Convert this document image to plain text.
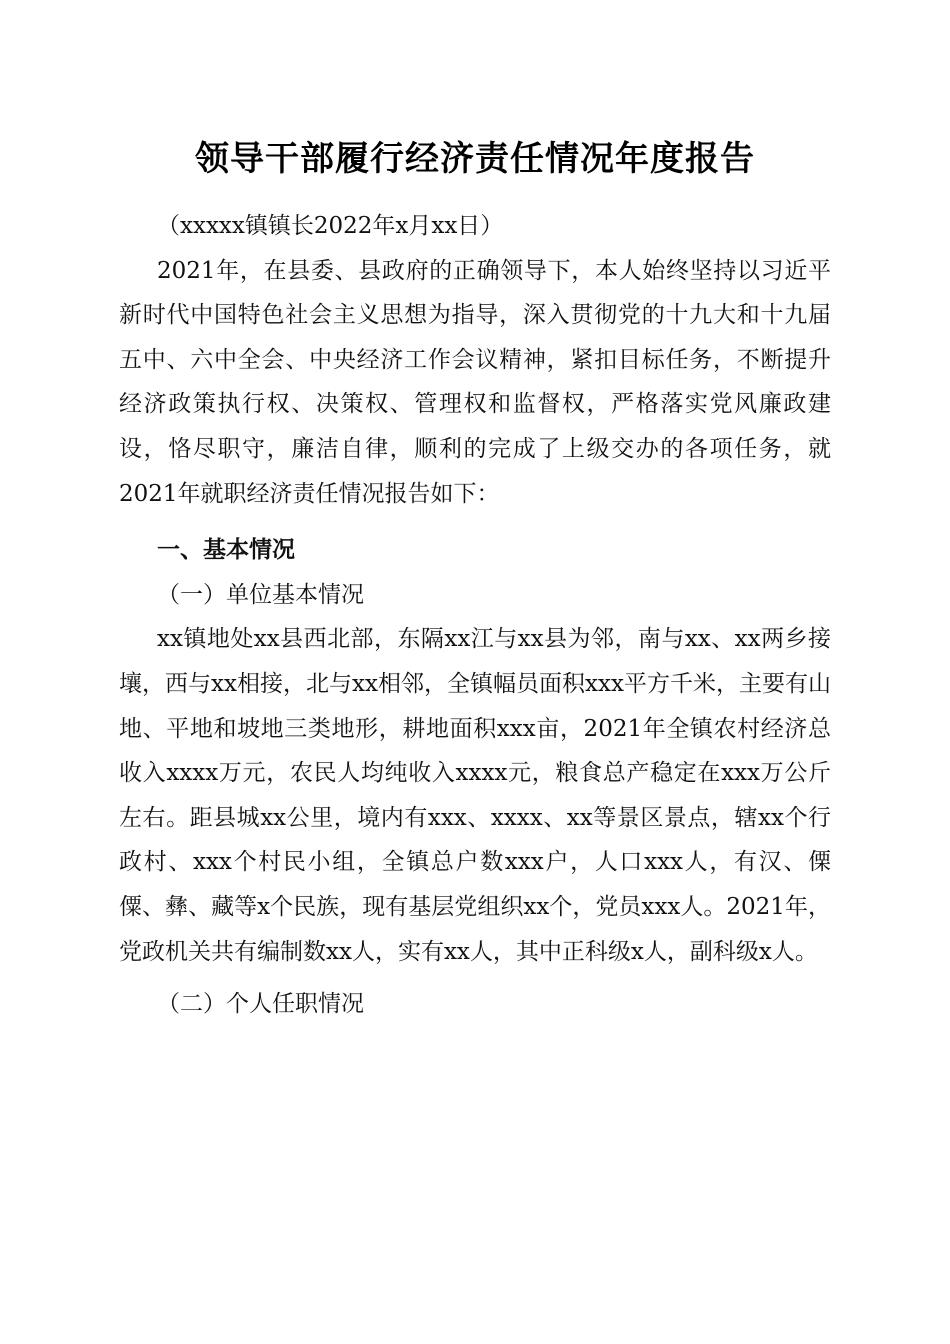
领导干部履行经济责任情况年度报告

（xxxxx镇镇长2022年x月xx日）

2021年，在县委、县政府的正确领导下，本人始终坚持以习近平新时代中国特色社会主义思想为指导，深入贯彻党的十九大和十九届五中、六中全会、中央经济工作会议精神，紧扣目标任务，不断提升经济政策执行权、决策权、管理权和监督权，严格落实党风廉政建设，恪尽职守，廉洁自律，顺利的完成了上级交办的各项任务，就2021年就职经济责任情况报告如下：

一、基本情况

（一）单位基本情况

xx镇地处xx县西北部，东隔xx江与xx县为邻，南与xx、xx两乡接壤，西与xx相接，北与xx相邻，全镇幅员面积xxx平方千米，主要有山地、平地和坡地三类地形，耕地面积xxx亩，2021年全镇农村经济总收入xxxx万元，农民人均纯收入xxxx元，粮食总产稳定在xxx万公斤左右。距县城xx公里，境内有xxx、xxxx、xx等景区景点，辖xx个行政村、xxx个村民小组，全镇总户数xxx户，人口xxx人，有汉、傈僳、彝、藏等x个民族，现有基层党组织xx个，党员xxx人。2021年，党政机关共有编制数xx人，实有xx人，其中正科级x人，副科级x人。

（二）个人任职情况
